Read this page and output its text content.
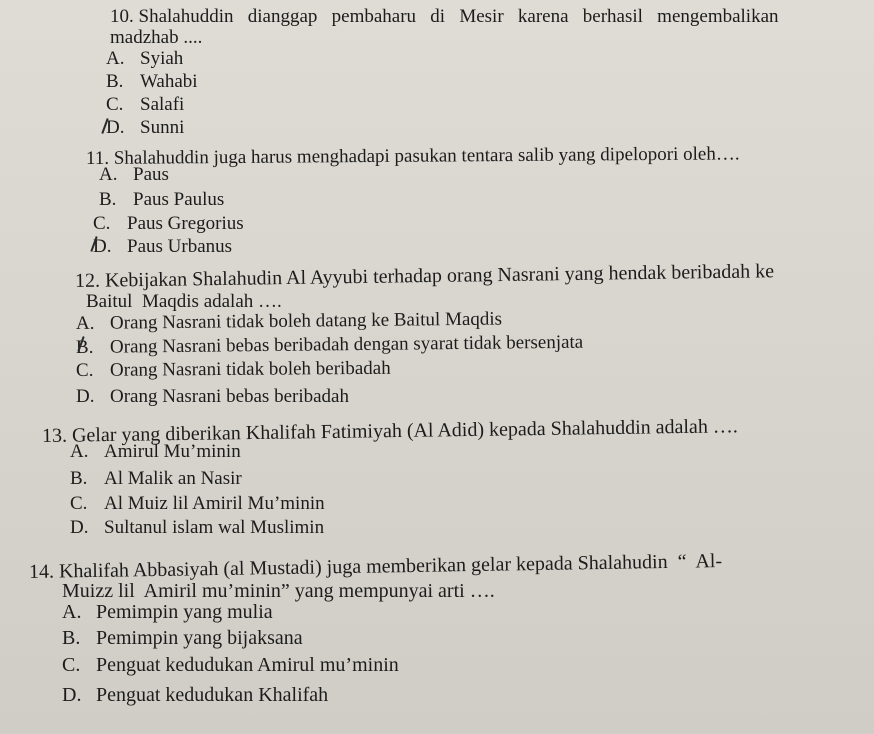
10. Shalahuddin   dianggap   pembaharu   di   Mesir   karena   berhasil   mengembalikan
madzhab ....
A. Syiah
B. Wahabi
C. Salafi
D. Sunni
11. Shalahuddin juga harus menghadapi pasukan tentara salib yang dipelopori oleh….
A. Paus
B. Paus Paulus
C. Paus Gregorius
D. Paus Urbanus
12. Kebijakan Shalahudin Al Ayyubi terhadap orang Nasrani yang hendak beribadah ke
Baitul  Maqdis adalah ….
A. Orang Nasrani tidak boleh datang ke Baitul Maqdis
B. Orang Nasrani bebas beribadah dengan syarat tidak bersenjata
C. Orang Nasrani tidak boleh beribadah
D. Orang Nasrani bebas beribadah
13. Gelar yang diberikan Khalifah Fatimiyah (Al Adid) kepada Shalahuddin adalah ….
A. Amirul Mu’minin
B. Al Malik an Nasir
C. Al Muiz lil Amiril Mu’minin
D. Sultanul islam wal Muslimin
14. Khalifah Abbasiyah (al Mustadi) juga memberikan gelar kepada Shalahudin  “  Al-
Muizz lil  Amiril mu’minin” yang mempunyai arti ….
A. Pemimpin yang mulia
B. Pemimpin yang bijaksana
C. Penguat kedudukan Amirul mu’minin
D. Penguat kedudukan Khalifah
